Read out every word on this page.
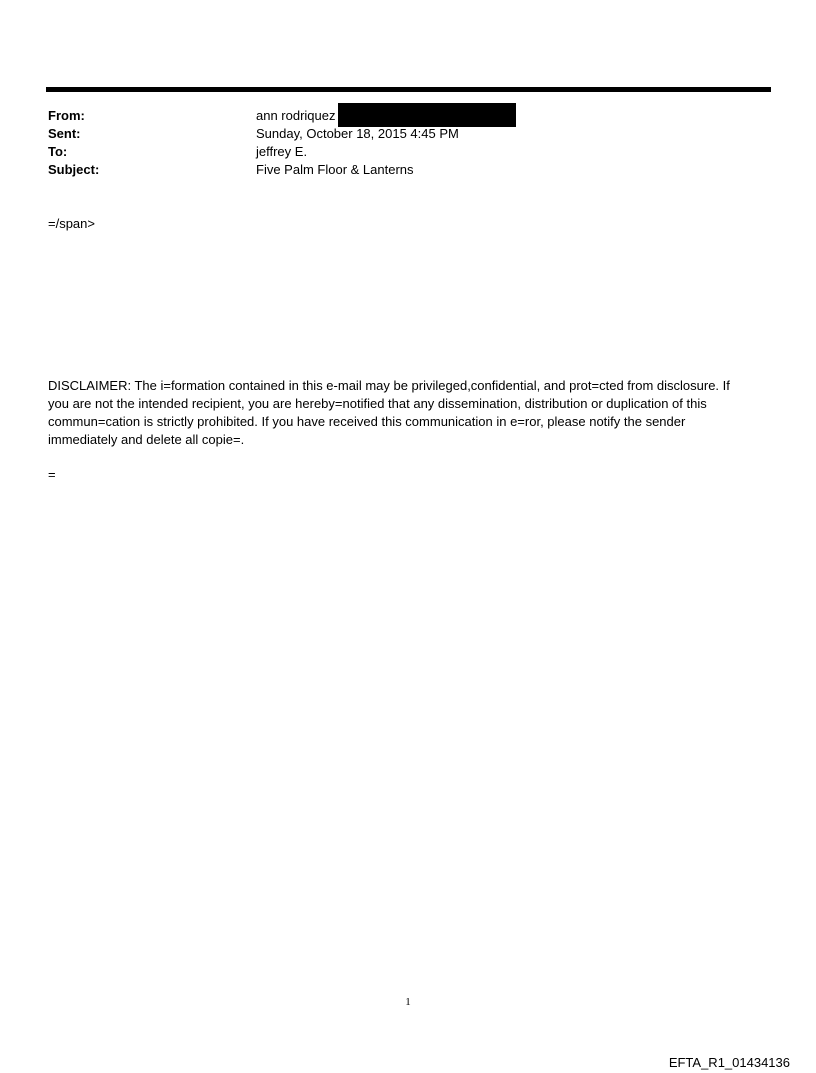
From:	ann rodriquez
Sent:	Sunday, October 18, 2015 4:45 PM
To:	jeffrey E.
Subject:	Five Palm Floor & Lanterns
=/span>
DISCLAIMER: The i=formation contained in this e-mail may be privileged,confidential, and prot=cted from disclosure. If
you are not the intended recipient, you are hereby=notified that any dissemination, distribution or duplication of this
commun=cation is strictly prohibited. If you have received this communication in e=ror, please notify the sender
immediately and delete all copie=.
=
1
EFTA_R1_01434136
